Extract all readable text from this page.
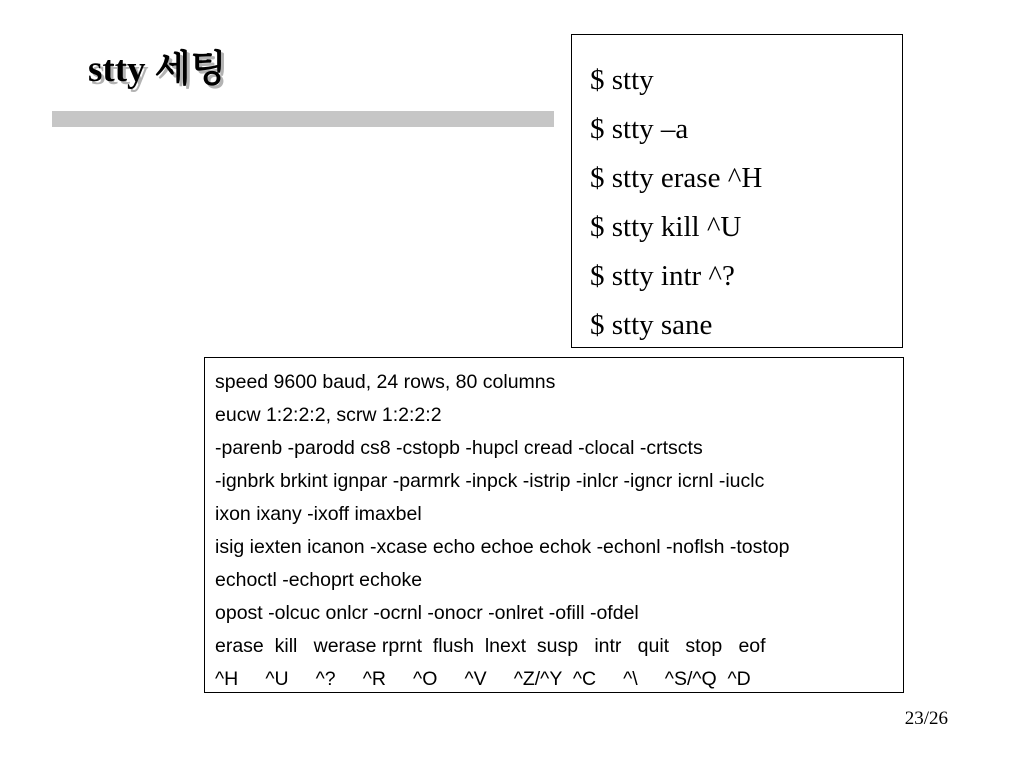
stty 세팅	$ stty
$ stty –a
$ stty erase ^H
$ stty kill ^U
$ stty intr ^?
$ stty sane
speed 9600 baud, 24 rows, 80 columns
eucw 1:2:2:2, scrw 1:2:2:2
-parenb -parodd cs8 -cstopb -hupcl cread -clocal -crtscts
-ignbrk brkint ignpar -parmrk -inpck -istrip -inlcr -igncr icrnl -iuclc
ixon ixany -ixoff imaxbel
isig iexten icanon -xcase echo echoe echok -echonl -noflsh -tostop
echoctl -echoprt echoke
opost -olcuc onlcr -ocrnl -onocr -onlret -ofill -ofdel
erase  kill   werase rprnt  flush  lnext  susp   intr   quit   stop   eof
^H     ^U     ^?     ^R     ^O     ^V     ^Z/^Y  ^C     ^\     ^S/^Q  ^D
23/26
